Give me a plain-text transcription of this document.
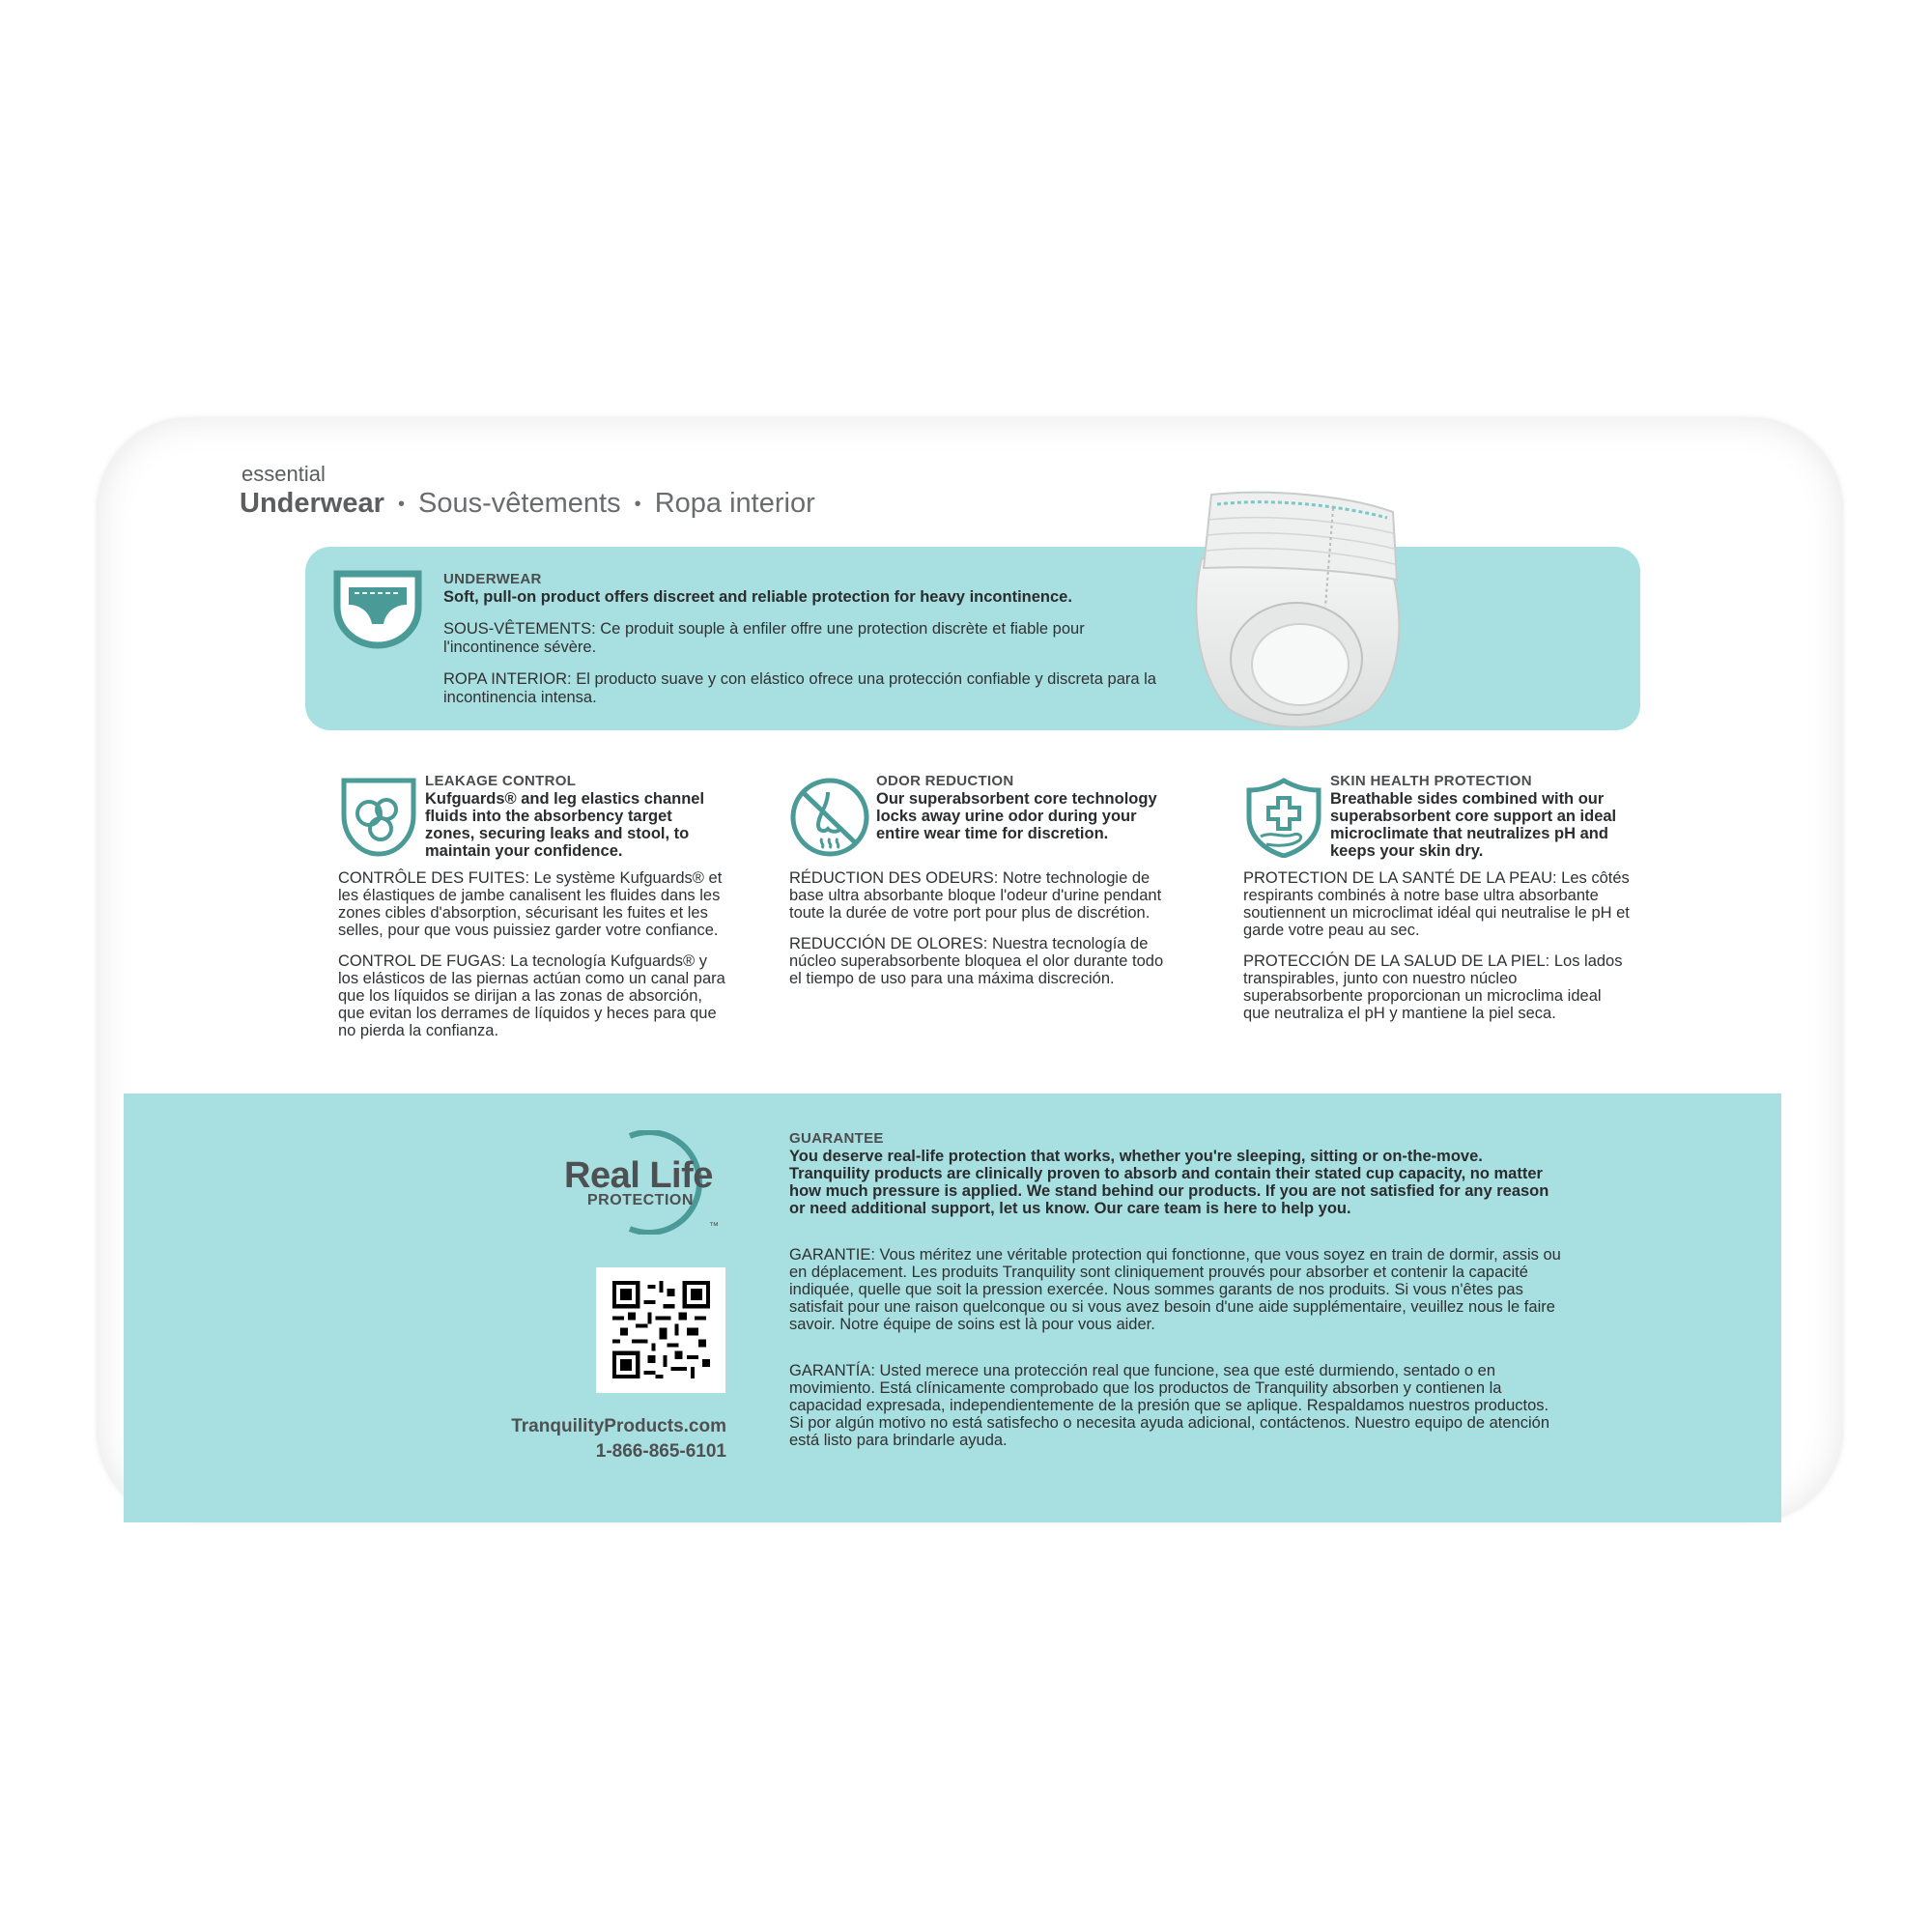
essential
Underwear • Sous-vêtements • Ropa interior
UNDERWEAR

Soft, pull-on product offers discreet and reliable protection for heavy incontinence.

SOUS-VÊTEMENTS: Ce produit souple à enfiler offre une protection discrète et fiable pour l'incontinence sévère.

ROPA INTERIOR: El producto suave y con elástico ofrece una protección confiable y discreta para la incontinencia intensa.

LEAKAGE CONTROL
Kufguards® and leg elastics channel fluids into the absorbency target zones, securing leaks and stool, to maintain your confidence.

CONTRÔLE DES FUITES: Le système Kufguards® et les élastiques de jambe canalisent les fluides dans les zones cibles d'absorption, sécurisant les fuites et les selles, pour que vous puissiez garder votre confiance.

CONTROL DE FUGAS: La tecnología Kufguards® y los elásticos de las piernas actúan como un canal para que los líquidos se dirijan a las zonas de absorción, que evitan los derrames de líquidos y heces para que no pierda la confianza.

ODOR REDUCTION
Our superabsorbent core technology locks away urine odor during your entire wear time for discretion.

RÉDUCTION DES ODEURS: Notre technologie de base ultra absorbante bloque l'odeur d'urine pendant toute la durée de votre port pour plus de discrétion.

REDUCCIÓN DE OLORES: Nuestra tecnología de núcleo superabsorbente bloquea el olor durante todo el tiempo de uso para una máxima discreción.

SKIN HEALTH PROTECTION
Breathable sides combined with our superabsorbent core support an ideal microclimate that neutralizes pH and keeps your skin dry.

PROTECTION DE LA SANTÉ DE LA PEAU: Les côtés respirants combinés à notre base ultra absorbante soutiennent un microclimat idéal qui neutralise le pH et garde votre peau au sec.

PROTECCIÓN DE LA SALUD DE LA PIEL: Los lados transpirables, junto con nuestro núcleo superabsorbente proporcionan un microclima ideal que neutraliza el pH y mantiene la piel seca.

Real Life
PROTECTION
™
TranquilityProducts.com
1-866-865-6101
GUARANTEE

You deserve real-life protection that works, whether you're sleeping, sitting or on-the-move. Tranquility products are clinically proven to absorb and contain their stated cup capacity, no matter how much pressure is applied. We stand behind our products. If you are not satisfied for any reason or need additional support, let us know. Our care team is here to help you.

GARANTIE: Vous méritez une véritable protection qui fonctionne, que vous soyez en train de dormir, assis ou en déplacement. Les produits Tranquility sont cliniquement prouvés pour absorber et contenir la capacité indiquée, quelle que soit la pression exercée. Nous sommes garants de nos produits. Si vous n'êtes pas satisfait pour une raison quelconque ou si vous avez besoin d'une aide supplémentaire, veuillez nous le faire savoir. Notre équipe de soins est là pour vous aider.

GARANTÍA: Usted merece una protección real que funcione, sea que esté durmiendo, sentado o en movimiento. Está clínicamente comprobado que los productos de Tranquility absorben y contienen la capacidad expresada, independientemente de la presión que se aplique. Respaldamos nuestros productos. Si por algún motivo no está satisfecho o necesita ayuda adicional, contáctenos. Nuestro equipo de atención está listo para brindarle ayuda.
